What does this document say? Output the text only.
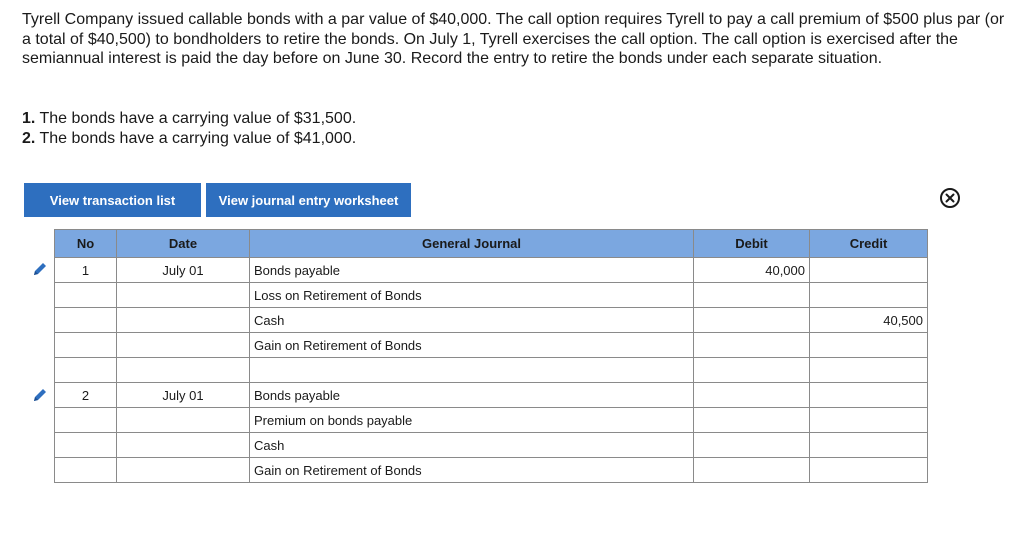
Tyrell Company issued callable bonds with a par value of $40,000. The call option requires Tyrell to pay a call premium of $500 plus par (or a total of $40,500) to bondholders to retire the bonds. On July 1, Tyrell exercises the call option. The call option is exercised after the semiannual interest is paid the day before on June 30. Record the entry to retire the bonds under each separate situation.

1. The bonds have a carrying value of $31,500.
2. The bonds have a carrying value of $41,000.
View transaction list	View journal entry worksheet
No	Date	General Journal	Debit	Credit
1	July 01	Bonds payable	40,000	
		Loss on Retirement of Bonds		
		Cash		40,500
		Gain on Retirement of Bonds		

2	July 01	Bonds payable		
		Premium on bonds payable		
		Cash		
		Gain on Retirement of Bonds		
